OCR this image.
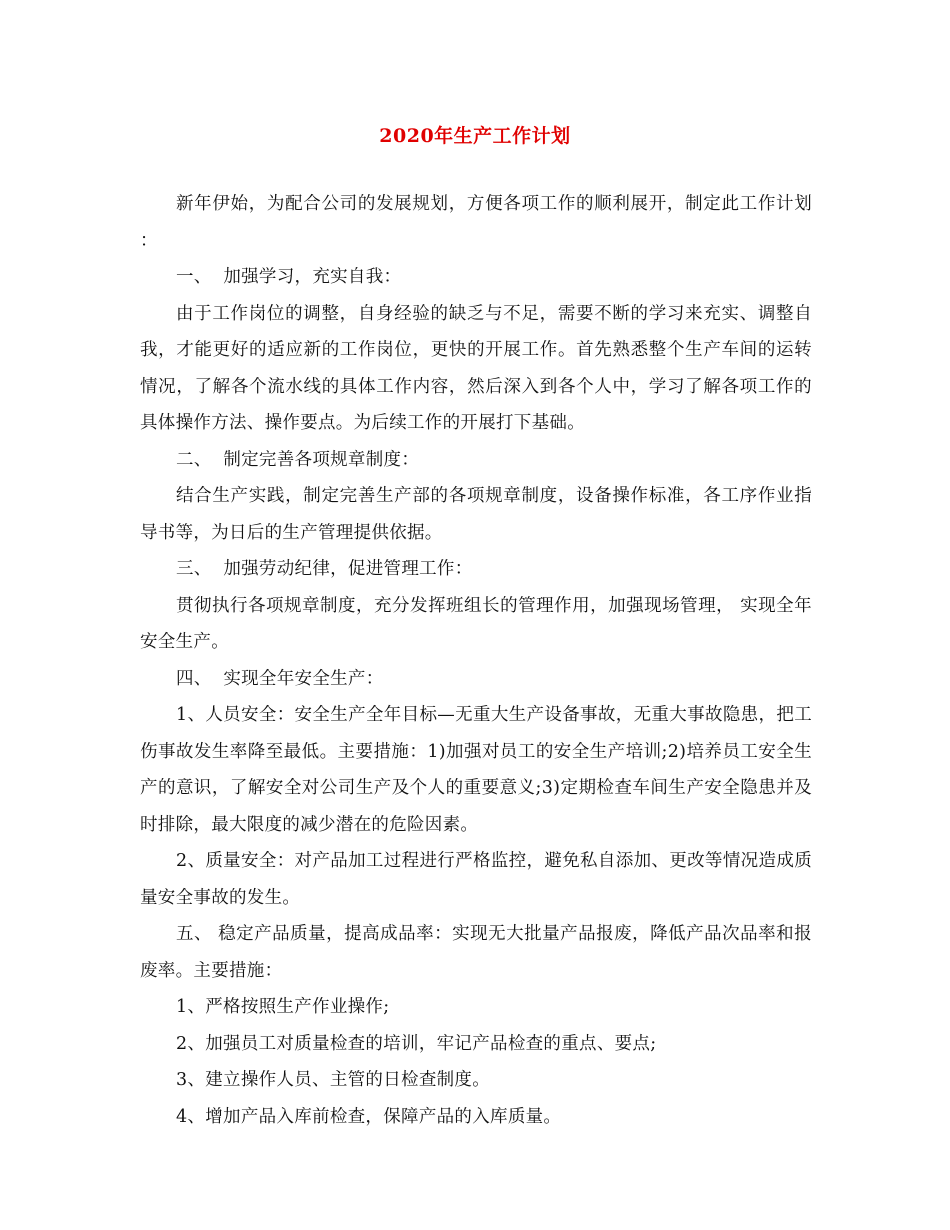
2020年生产工作计划

新年伊始，为配合公司的发展规划，方便各项工作的顺利展开，制定此工作计划 ：

一、  加强学习，充实自我：

由于工作岗位的调整，自身经验的缺乏与不足，需要不断的学习来充实、调整自我，才能更好的适应新的工作岗位，更快的开展工作。首先熟悉整个生产车间的运转情况，了解各个流水线的具体工作内容，然后深入到各个人中，学习了解各项工作的具体操作方法、操作要点。为后续工作的开展打下基础。

二、  制定完善各项规章制度：

结合生产实践，制定完善生产部的各项规章制度，设备操作标准，各工序作业指导书等，为日后的生产管理提供依据。

三、  加强劳动纪律，促进管理工作：

贯彻执行各项规章制度，充分发挥班组长的管理作用，加强现场管理， 实现全年安全生产。

四、  实现全年安全生产：

1、人员安全：安全生产全年目标—无重大生产设备事故，无重大事故隐患，把工伤事故发生率降至最低。主要措施：1)加强对员工的安全生产培训;2)培养员工安全生产的意识，了解安全对公司生产及个人的重要意义;3)定期检查车间生产安全隐患并及时排除，最大限度的减少潜在的危险因素。

2、质量安全：对产品加工过程进行严格监控，避免私自添加、更改等情况造成质量安全事故的发生。

五、 稳定产品质量，提高成品率：实现无大批量产品报废，降低产品次品率和报废率。主要措施：

1、严格按照生产作业操作;

2、加强员工对质量检查的培训，牢记产品检查的重点、要点;

3、建立操作人员、主管的日检查制度。

4、增加产品入库前检查，保障产品的入库质量。
